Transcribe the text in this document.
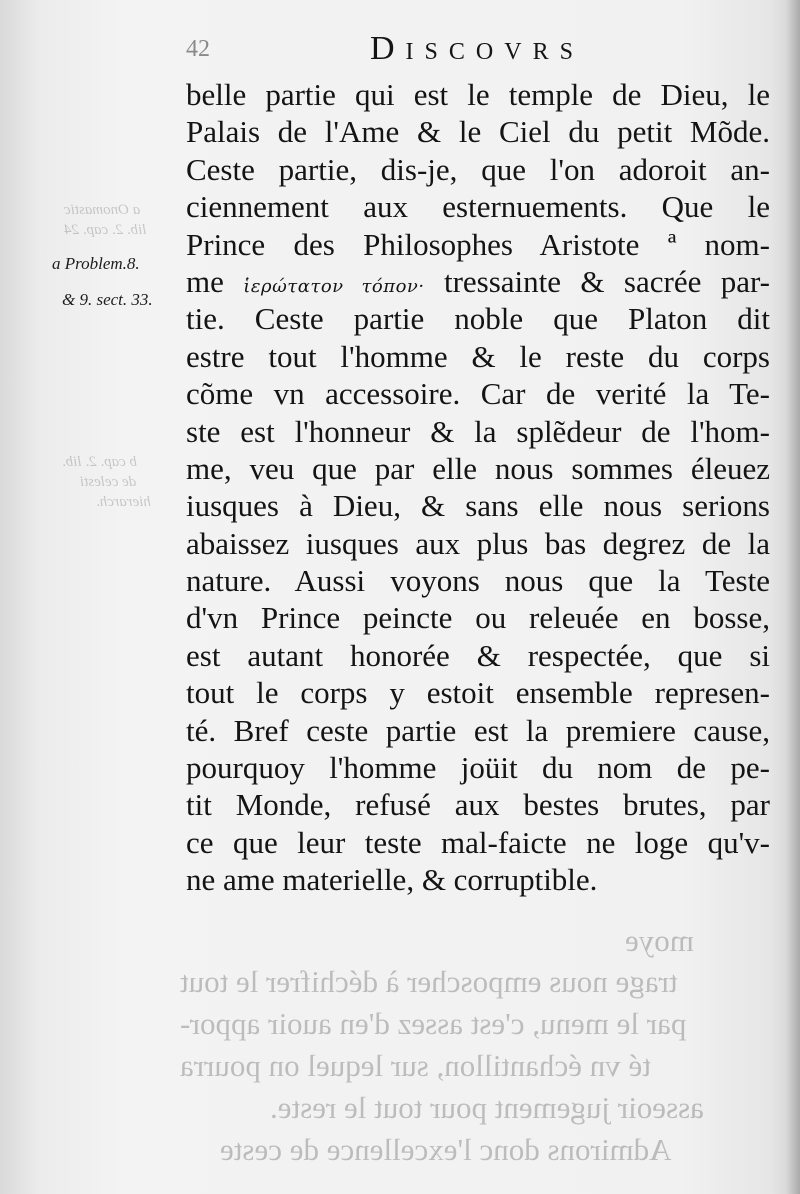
moye
trage nous emposcher à déchifrer le tout
par le menu, c'est assez d'en auoir appor-
té vn échantillon, sur lequel on pourra
asseoir jugement pour tout le reste.
Admirons donc l'excellence de ceste
a Onomastic
lib. 2. cap. 24
b cap. 2. lib.
de celesti
hierarch.
42	Discovrs
a Problem.8.
& 9. sect. 33.
belle partie qui est le temple de Dieu, le
Palais de l'Ame & le Ciel du petit Mõde.
Ceste partie, dis-je, que l'on adoroit an-
ciennement aux esternuements. Que le
Prince des Philosophes Aristote ª nom-
me ἱερώτατον τόπον· tressainte & sacrée par-
tie. Ceste partie noble que Platon dit
estre tout l'homme & le reste du corps
cõme vn accessoire. Car de verité la Te-
ste est l'honneur & la splẽdeur de l'hom-
me, veu que par elle nous sommes éleuez
iusques à Dieu, & sans elle nous serions
abaissez iusques aux plus bas degrez de la
nature. Aussi voyons nous que la Teste
d'vn Prince peincte ou releuée en bosse,
est autant honorée & respectée, que si
tout le corps y estoit ensemble represen-
té. Bref ceste partie est la premiere cause,
pourquoy l'homme joüit du nom de pe-
tit Monde, refusé aux bestes brutes, par
ce que leur teste mal-faicte ne loge qu'v-
ne ame materielle, & corruptible.
